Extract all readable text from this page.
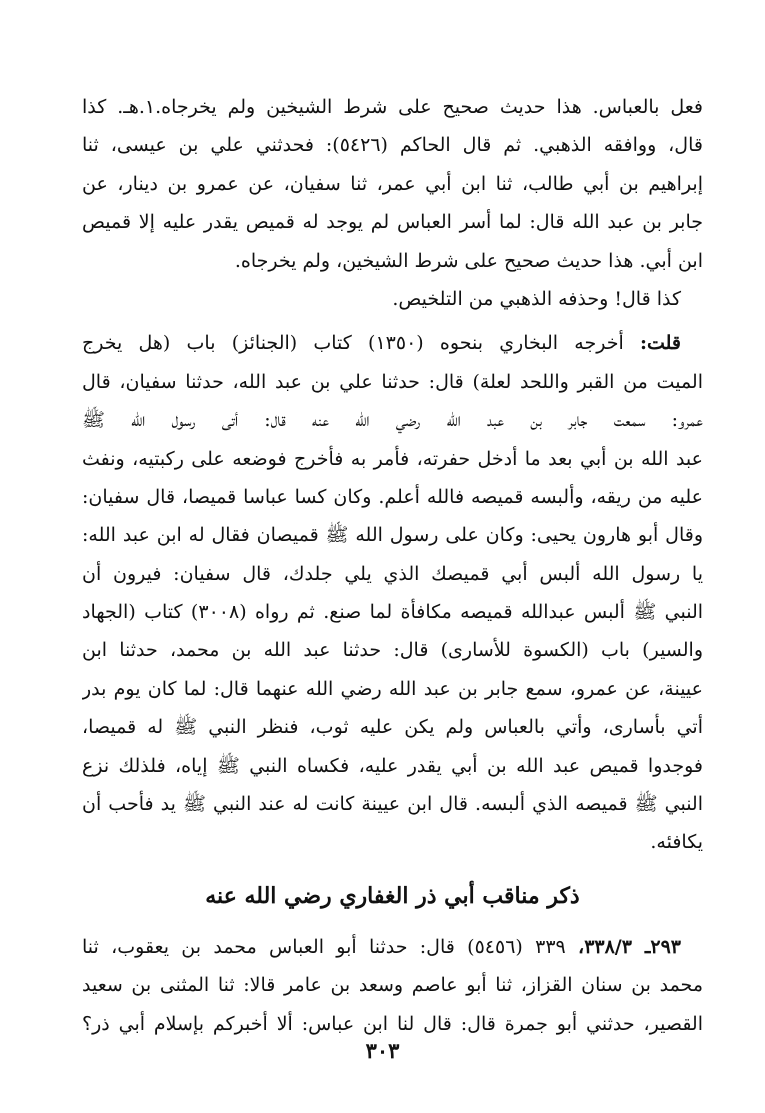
فعل بالعباس. هذا حديث صحيح على شرط الشيخين ولم يخرجاه.١.هـ. كذا
قال، ووافقه الذهبي. ثم قال الحاكم (٥٤٢٦): فحدثني علي بن عيسى، ثنا
إبراهيم بن أبي طالب، ثنا ابن أبي عمر، ثنا سفيان، عن عمرو بن دينار، عن
جابر بن عبد الله قال: لما أسر العباس لم يوجد له قميص يقدر عليه إلا قميص
ابن أبي. هذا حديث صحيح على شرط الشيخين، ولم يخرجاه.
كذا قال! وحذفه الذهبي من التلخيص.
قلت: أخرجه البخاري بنحوه (١٣٥٠) كتاب (الجنائز) باب (هل يخرج
الميت من القبر واللحد لعلة) قال: حدثنا علي بن عبد الله، حدثنا سفيان، قال
عمرو: سمعت جابر بن عبد الله رضي الله عنه قال: أتى رسول الله ﷺ
عبد الله بن أبي بعد ما أدخل حفرته، فأمر به فأخرج فوضعه على ركبتيه، ونفث
عليه من ريقه، وألبسه قميصه فالله أعلم. وكان كسا عباسا قميصا، قال سفيان:
وقال أبو هارون يحيى: وكان على رسول الله ﷺ قميصان فقال له ابن عبد الله:
يا رسول الله ألبس أبي قميصك الذي يلي جلدك، قال سفيان: فيرون أن
النبي ﷺ ألبس عبدالله قميصه مكافأة لما صنع. ثم رواه (٣٠٠٨) كتاب (الجهاد
والسير) باب (الكسوة للأسارى) قال: حدثنا عبد الله بن محمد، حدثنا ابن
عيينة، عن عمرو، سمع جابر بن عبد الله رضي الله عنهما قال: لما كان يوم بدر
أتي بأسارى، وأتي بالعباس ولم يكن عليه ثوب، فنظر النبي ﷺ له قميصا،
فوجدوا قميص عبد الله بن أبي يقدر عليه، فكساه النبي ﷺ إياه، فلذلك نزع
النبي ﷺ قميصه الذي ألبسه. قال ابن عيينة كانت له عند النبي ﷺ يد فأحب أن
يكافئه.
ذكر مناقب أبي ذر الغفاري رضي الله عنه
٢٩٣ـ ٣٣٨/٣، ٣٣٩ (٥٤٥٦) قال: حدثنا أبو العباس محمد بن يعقوب، ثنا
محمد بن سنان القزاز، ثنا أبو عاصم وسعد بن عامر قالا: ثنا المثنى بن سعيد
القصير، حدثني أبو جمرة قال: قال لنا ابن عباس: ألا أخبركم بإسلام أبي ذر؟
٣٠٣
